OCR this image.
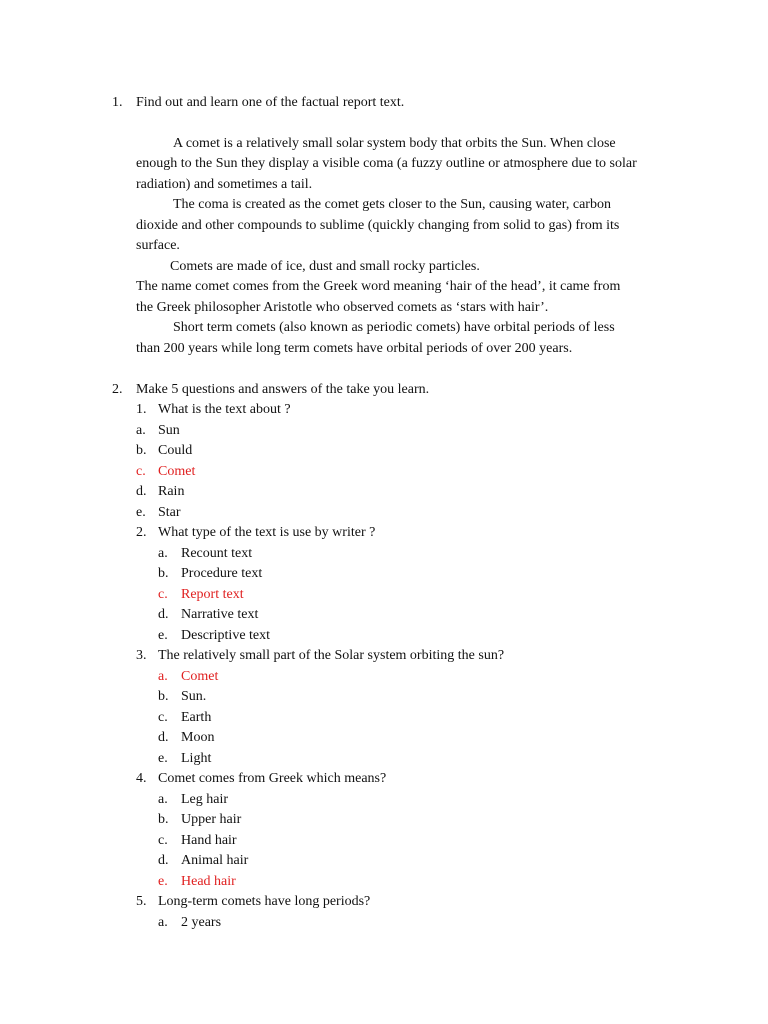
1. Find out and learn one of the factual report text.
A comet is a relatively small solar system body that orbits the Sun. When close
enough to the Sun they display a visible coma (a fuzzy outline or atmosphere due to solar
radiation) and sometimes a tail.
The coma is created as the comet gets closer to the Sun, causing water, carbon
dioxide and other compounds to sublime (quickly changing from solid to gas) from its
surface.
Comets are made of ice, dust and small rocky particles.
The name comet comes from the Greek word meaning ‘hair of the head’, it came from
the Greek philosopher Aristotle who observed comets as ‘stars with hair’.
Short term comets (also known as periodic comets) have orbital periods of less
than 200 years while long term comets have orbital periods of over 200 years.
2. Make 5 questions and answers of the take you learn.
1. What is the text about ?
a. Sun
b. Could
c. Comet
d. Rain
e. Star
2. What type of the text is use by writer ?
a. Recount text
b. Procedure text
c. Report text
d. Narrative text
e. Descriptive text
3. The relatively small part of the Solar system orbiting the sun?
a. Comet
b. Sun.
c. Earth
d. Moon
e. Light
4. Comet comes from Greek which means?
a. Leg hair
b. Upper hair
c. Hand hair
d. Animal hair
e. Head hair
5. Long-term comets have long periods?
a. 2 years
